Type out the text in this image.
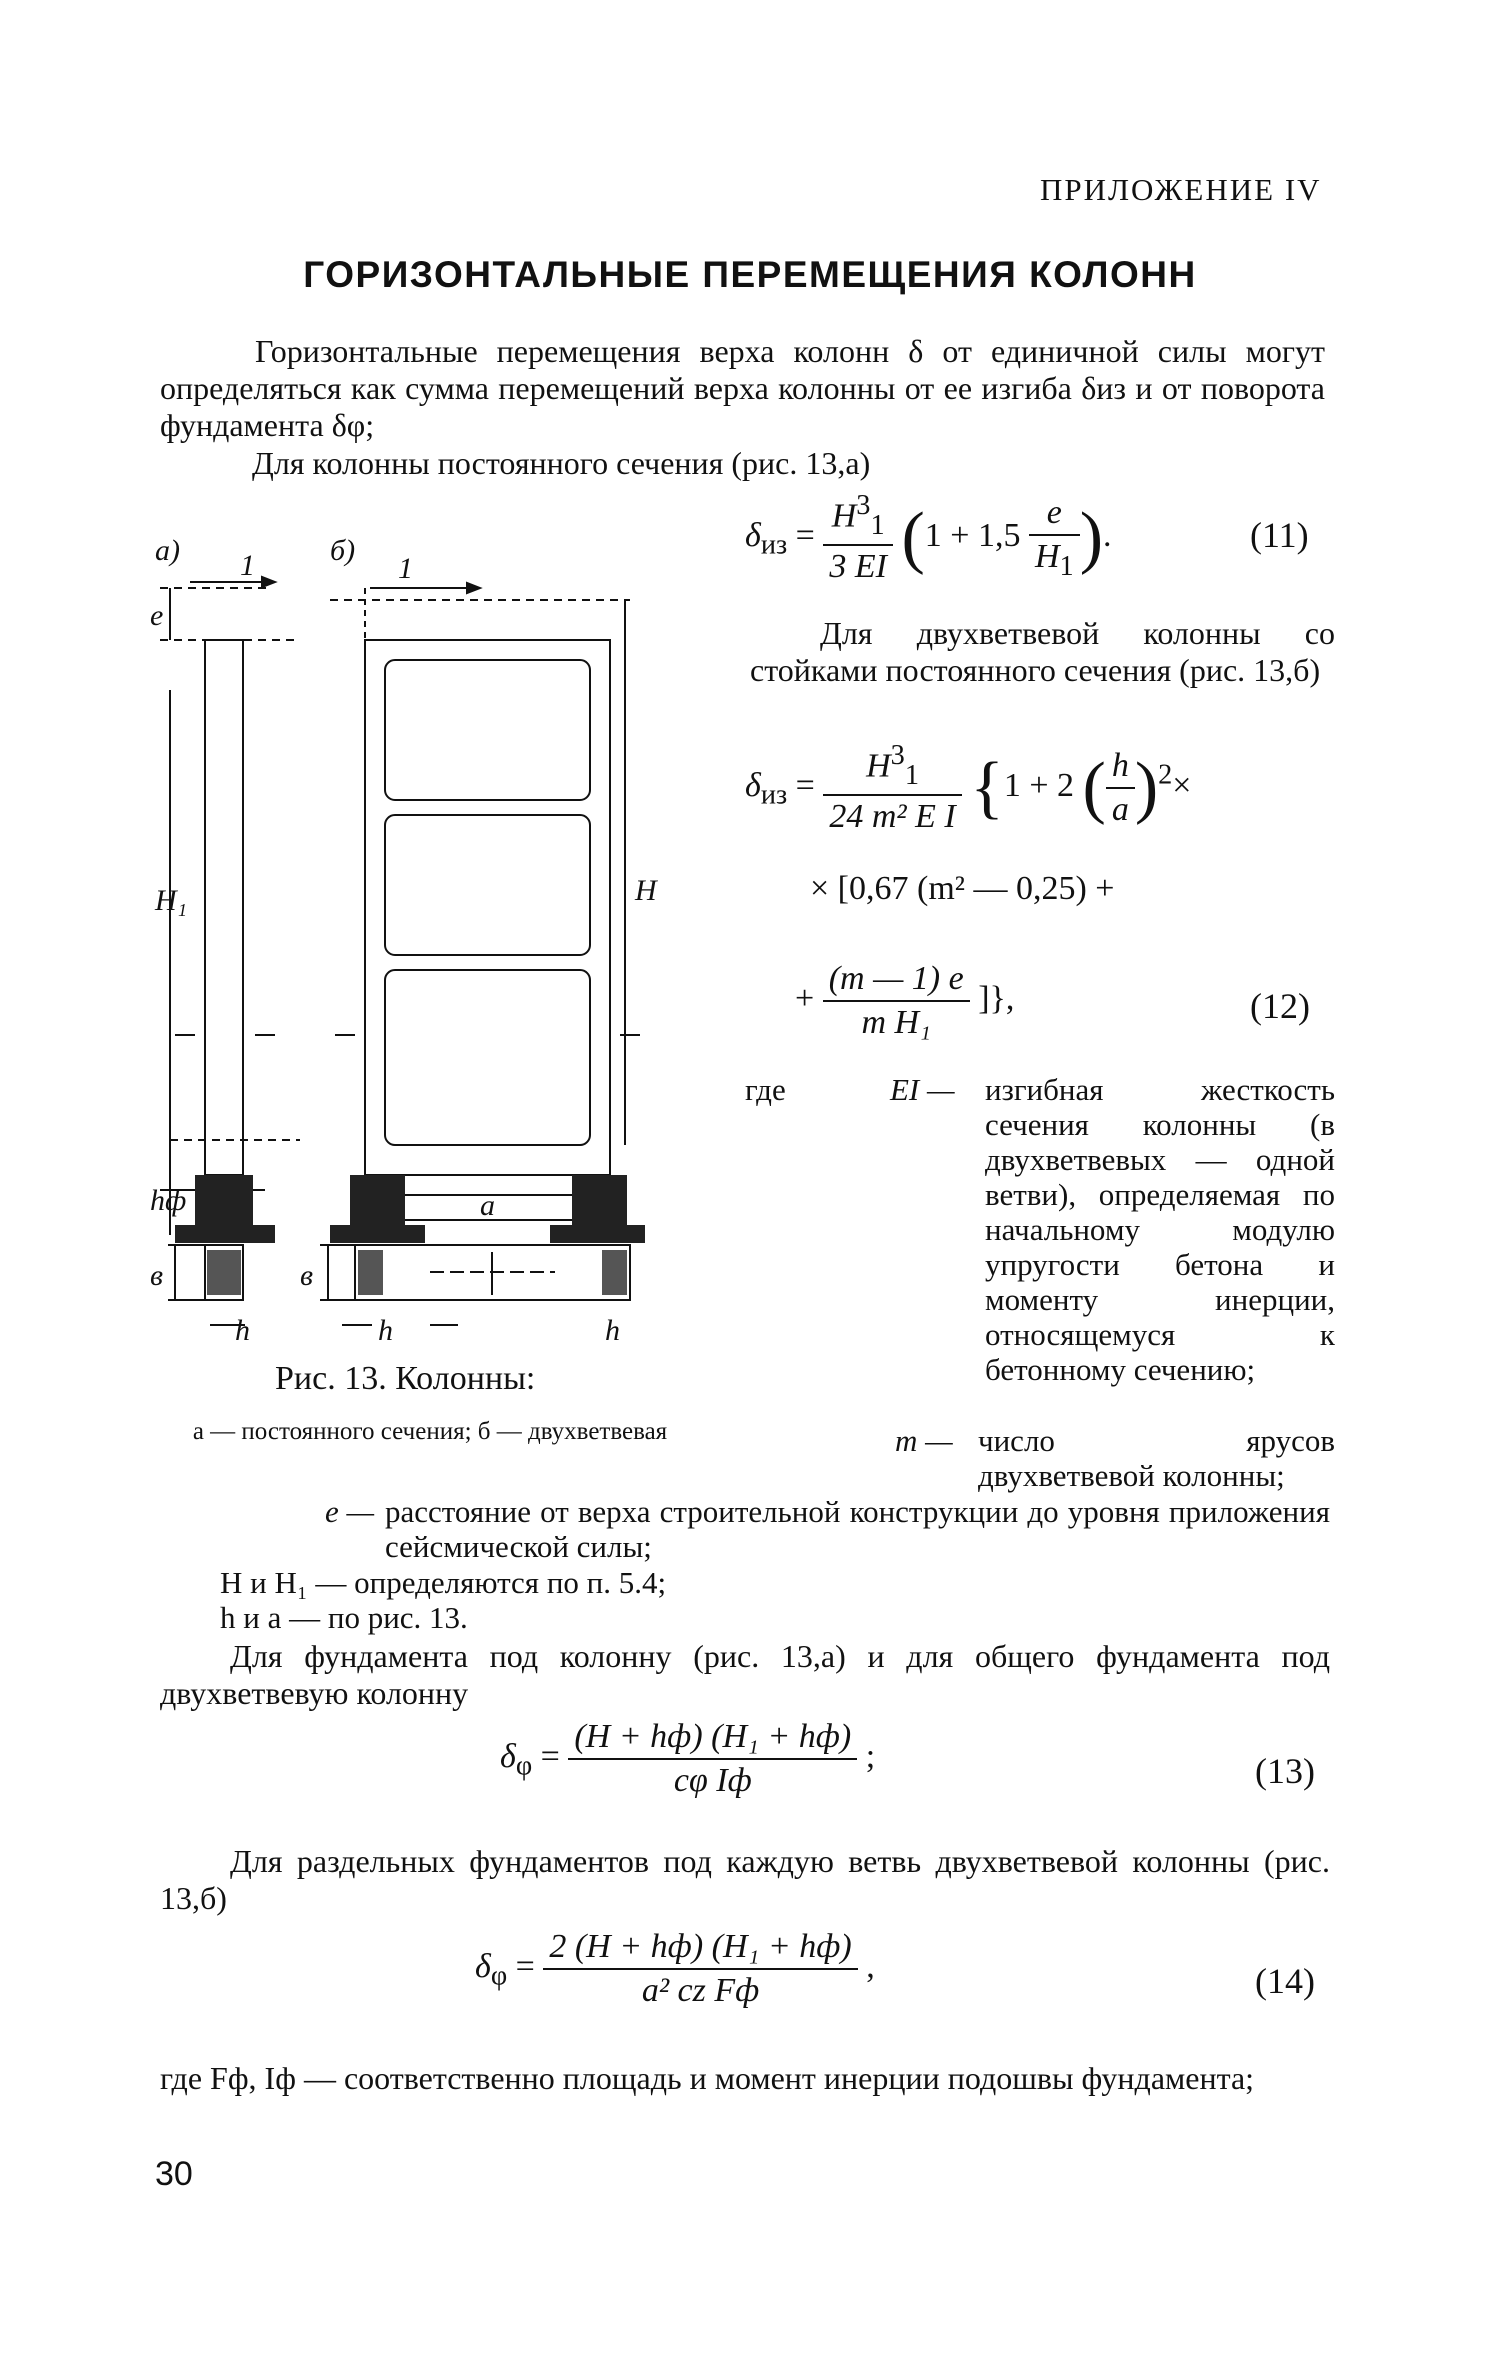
ПРИЛОЖЕНИЕ IV
ГОРИЗОНТАЛЬНЫЕ ПЕРЕМЕЩЕНИЯ КОЛОНН
Горизонтальные перемещения верха колонн δ от единичной силы могут определяться как сумма перемещений верха колонны от ее изгиба δиз и от поворота фундамента δφ;
Для колонны постоянного сечения (рис. 13,а)
а)	б)
1	1
e
H₁	H
hф	a
в	в
h	h	h
Рис. 13. Колонны:
а — постоянного сечения; б — двухветвевая
$\delta_{из} = \frac{H^3_1}{3 EI} (1 + 1,5 \frac{e}{H_1}$ ).	(11)
Для двухветвевой колонны со стойками постоянного сечения (рис. 13,б)
$\delta_{из} = \frac{H^3_1}{\text{24 m² E I}} \{1 + 2$ ( $\frac{h}{a} )^2\times$
× [0,67 (m² — 0,25) +
+ $\frac{(m — 1) e}{\text{m H₁}}$ ]},	(12)
где	EI — изгибная жесткость сечения колонны (в двухветвевых — одной ветви), определяемая по начальному модулю упругости бетона и моменту инерции, относящемуся к бетонному сечению;
m — число ярусов двухветвевой колонны;
e — расстояние от верха строительной конструкции до уровня приложения сейсмической силы;
H и H₁ — определяются по п. 5.4;
h и a — по рис. 13.
Для фундамента под колонну (рис. 13,а) и для общего фундамента под двухветвевую колонну
$\delta_\varphi = \frac{\text{(H + hф) (H₁ + hф)}}{\text{cφ Iф}}$ ;	(13)
Для раздельных фундаментов под каждую ветвь двухветвевой колонны (рис. 13,б)
$\delta_\varphi = \frac{\text{2 (H + hф) (H₁ + hф)}}{\text{a² cz Fф}}$ ,	(14)
где Fф, Iф — соответственно площадь и момент инерции подошвы фундамента;
30
